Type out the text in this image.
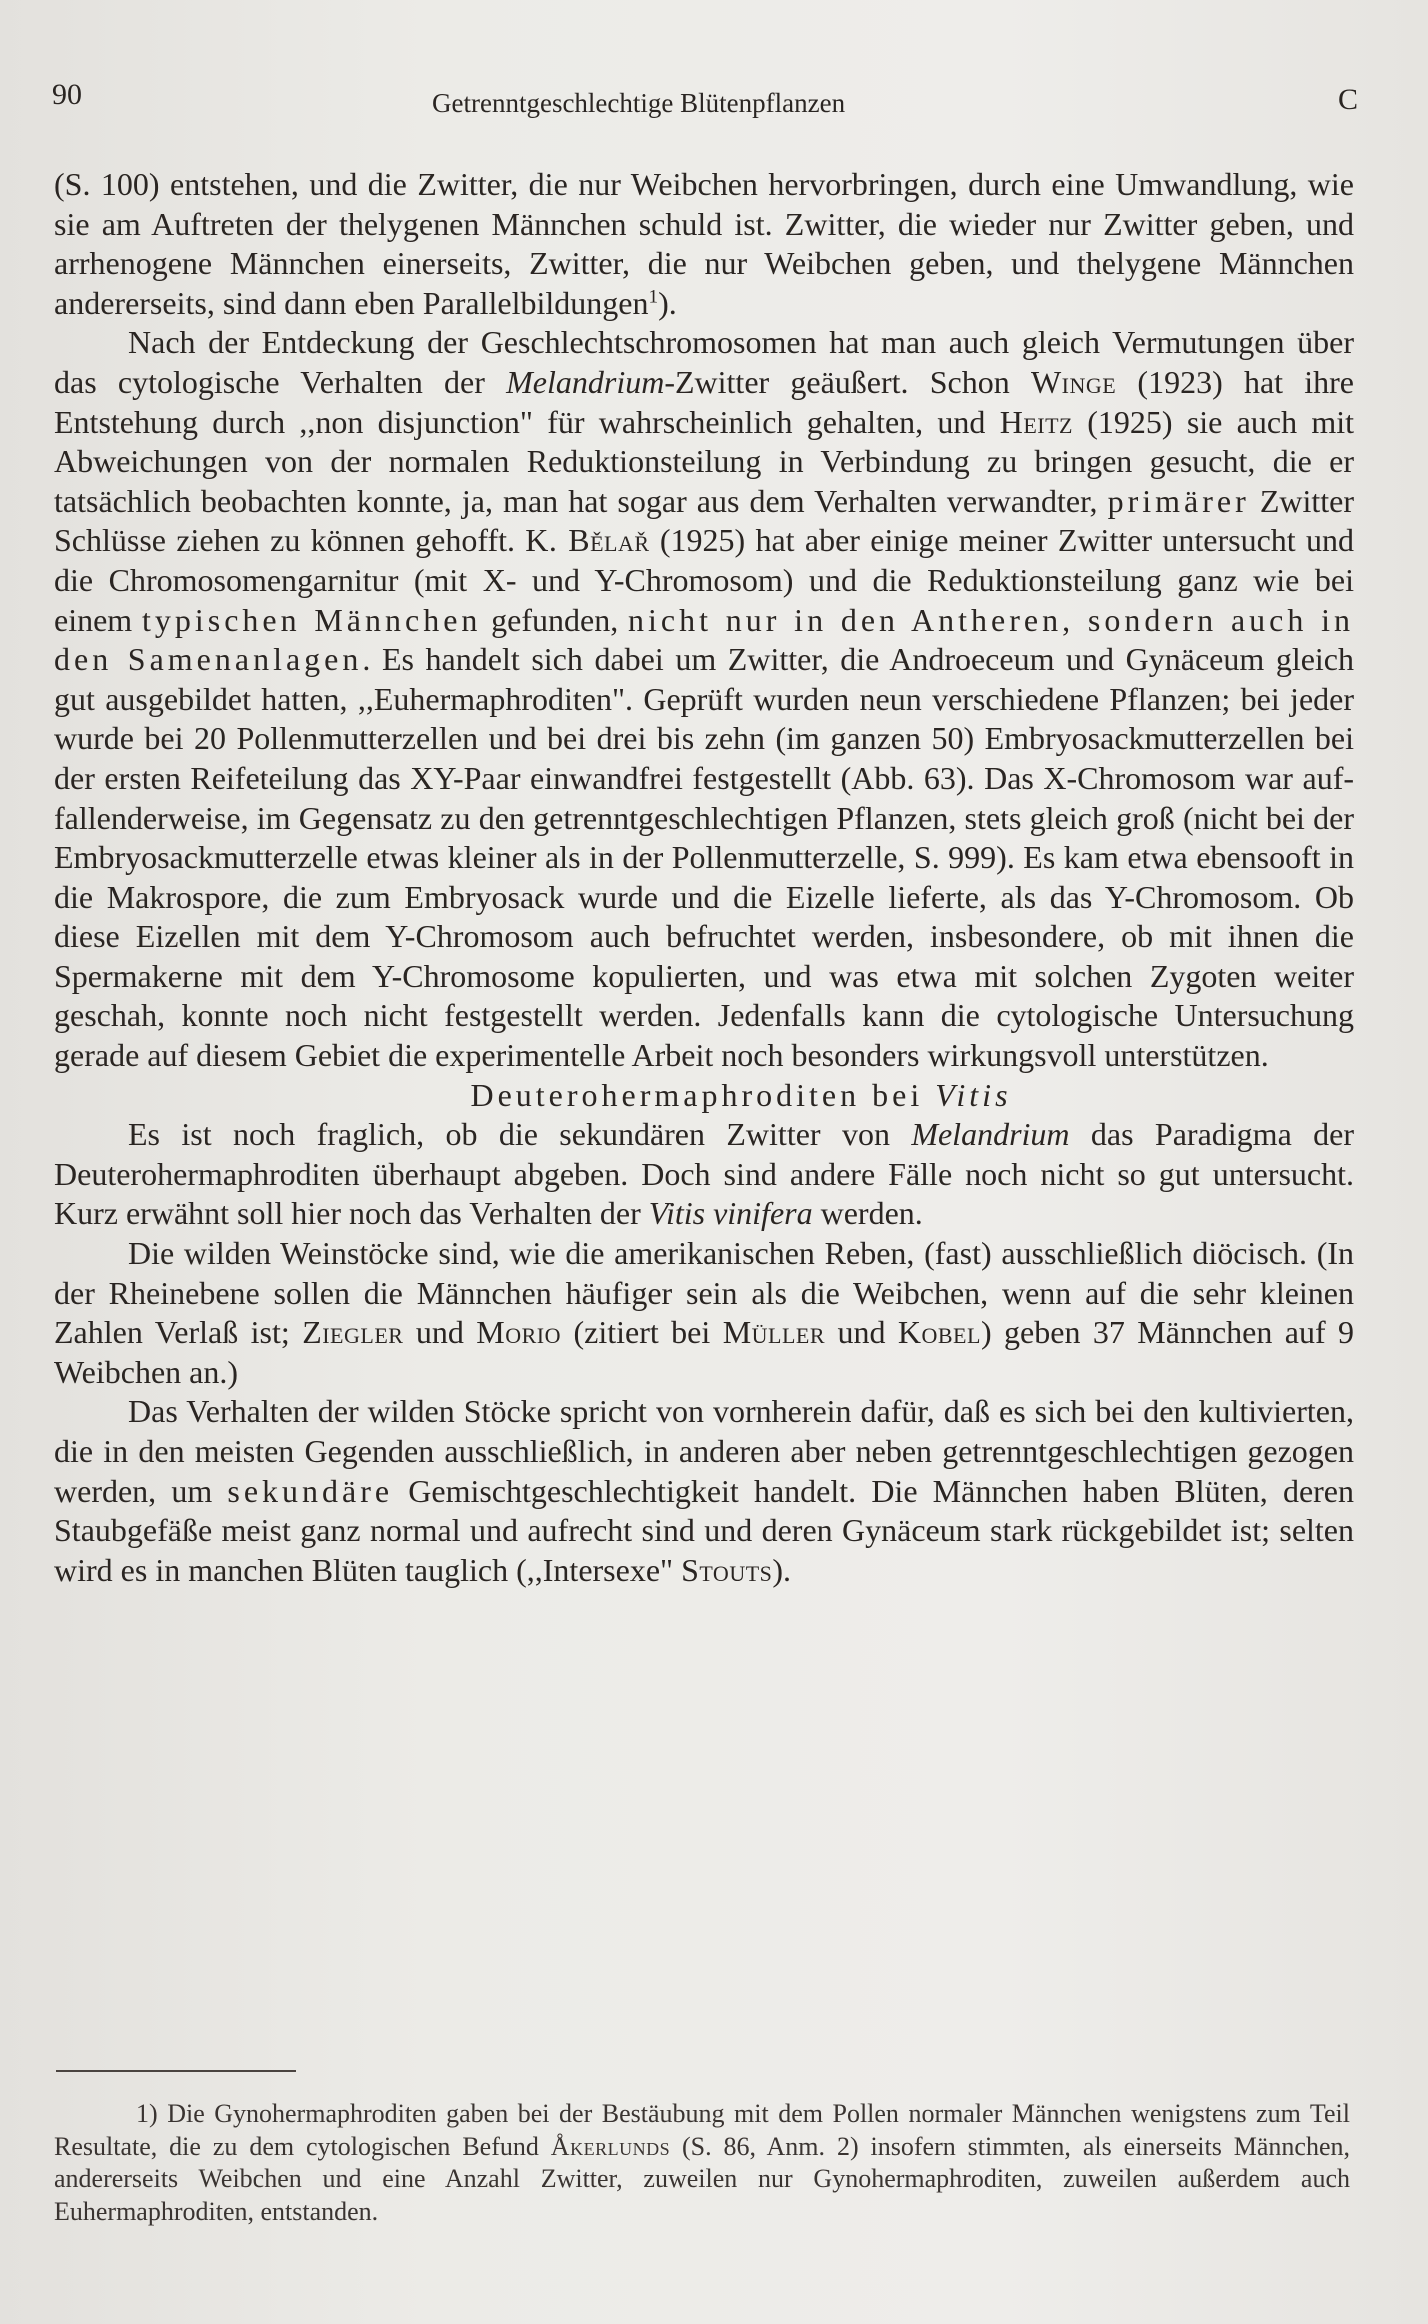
90	Getrenntgeschlechtige Blütenpflanzen	C

(S. 100) entstehen, und die Zwitter, die nur Weibchen hervorbringen, durch eine Umwandlung, wie sie am Auftreten der thelygenen Männchen schuld ist. Zwitter, die wieder nur Zwitter geben, und arrhenogene Männchen einerseits, Zwitter, die nur Weibchen geben, und thelygene Männchen andererseits, sind dann eben Parallelbildungen$^1$).

Nach der Entdeckung der Geschlechtschromosomen hat man auch gleich Vermutungen über das cytologische Verhalten der Melandrium-Zwitter geäußert. Schon Winge (1923) hat ihre Entstehung durch ,,non disjunction" für wahrscheinlich gehalten, und Heitz (1925) sie auch mit Abweichungen von der normalen Reduktionsteilung in Verbindung zu bringen gesucht, die er tatsächlich beobachten konnte, ja, man hat sogar aus dem Verhalten verwandter, primärer Zwitter Schlüsse ziehen zu können gehofft. K. Bělař (1925) hat aber einige meiner Zwitter untersucht und die Chromosomengarnitur (mit X- und Y-Chromosom) und die Reduktionsteilung ganz wie bei einem typischen Männchen gefunden, nicht nur in den Antheren, sondern auch in den Samenanlagen. Es handelt sich dabei um Zwitter, die Androeceum und Gynäceum gleich gut ausgebildet hatten, ,,Euhermaphroditen". Geprüft wurden neun verschiedene Pflanzen; bei jeder wurde bei 20 Pollenmutterzellen und bei drei bis zehn (im ganzen 50) Embryosackmutterzellen bei der ersten Reifeteilung das XY-Paar einwandfrei festgestellt (Abb. 63). Das X-Chromosom war auffallenderweise, im Gegensatz zu den getrenntgeschlechtigen Pflanzen, stets gleich groß (nicht bei der Embryosackmutterzelle etwas kleiner als in der Pollenmutterzelle, S. 999). Es kam etwa ebensooft in die Makrospore, die zum Embryosack wurde und die Eizelle lieferte, als das Y-Chromosom. Ob diese Eizellen mit dem Y-Chromosom auch befruchtet werden, insbesondere, ob mit ihnen die Spermakerne mit dem Y-Chromosome kopulierten, und was etwa mit solchen Zygoten weiter geschah, konnte noch nicht festgestellt werden. Jedenfalls kann die cytologische Untersuchung gerade auf diesem Gebiet die experimentelle Arbeit noch besonders wirkungsvoll unterstützen.

Deuterohermaphroditen bei Vitis

Es ist noch fraglich, ob die sekundären Zwitter von Melandrium das Paradigma der Deuterohermaphroditen überhaupt abgeben. Doch sind andere Fälle noch nicht so gut untersucht. Kurz erwähnt soll hier noch das Verhalten der Vitis vinifera werden.

Die wilden Weinstöcke sind, wie die amerikanischen Reben, (fast) ausschließlich diöcisch. (In der Rheinebene sollen die Männchen häufiger sein als die Weibchen, wenn auf die sehr kleinen Zahlen Verlaß ist; Ziegler und Morio (zitiert bei Müller und Kobel) geben 37 Männchen auf 9 Weibchen an.)

Das Verhalten der wilden Stöcke spricht von vornherein dafür, daß es sich bei den kultivierten, die in den meisten Gegenden ausschließlich, in anderen aber neben getrenntgeschlechtigen gezogen werden, um sekundäre Gemischtgeschlechtigkeit handelt. Die Männchen haben Blüten, deren Staubgefäße meist ganz normal und aufrecht sind und deren Gynäceum stark rückgebildet ist; selten wird es in manchen Blüten tauglich (,,Intersexe" Stouts).

1) Die Gynohermaphroditen gaben bei der Bestäubung mit dem Pollen normaler Männchen wenigstens zum Teil Resultate, die zu dem cytologischen Befund Åkerlunds (S. 86, Anm. 2) insofern stimmten, als einerseits Männchen, andererseits Weibchen und eine Anzahl Zwitter, zuweilen nur Gynohermaphroditen, zuweilen außerdem auch Euhermaphroditen, entstanden.
